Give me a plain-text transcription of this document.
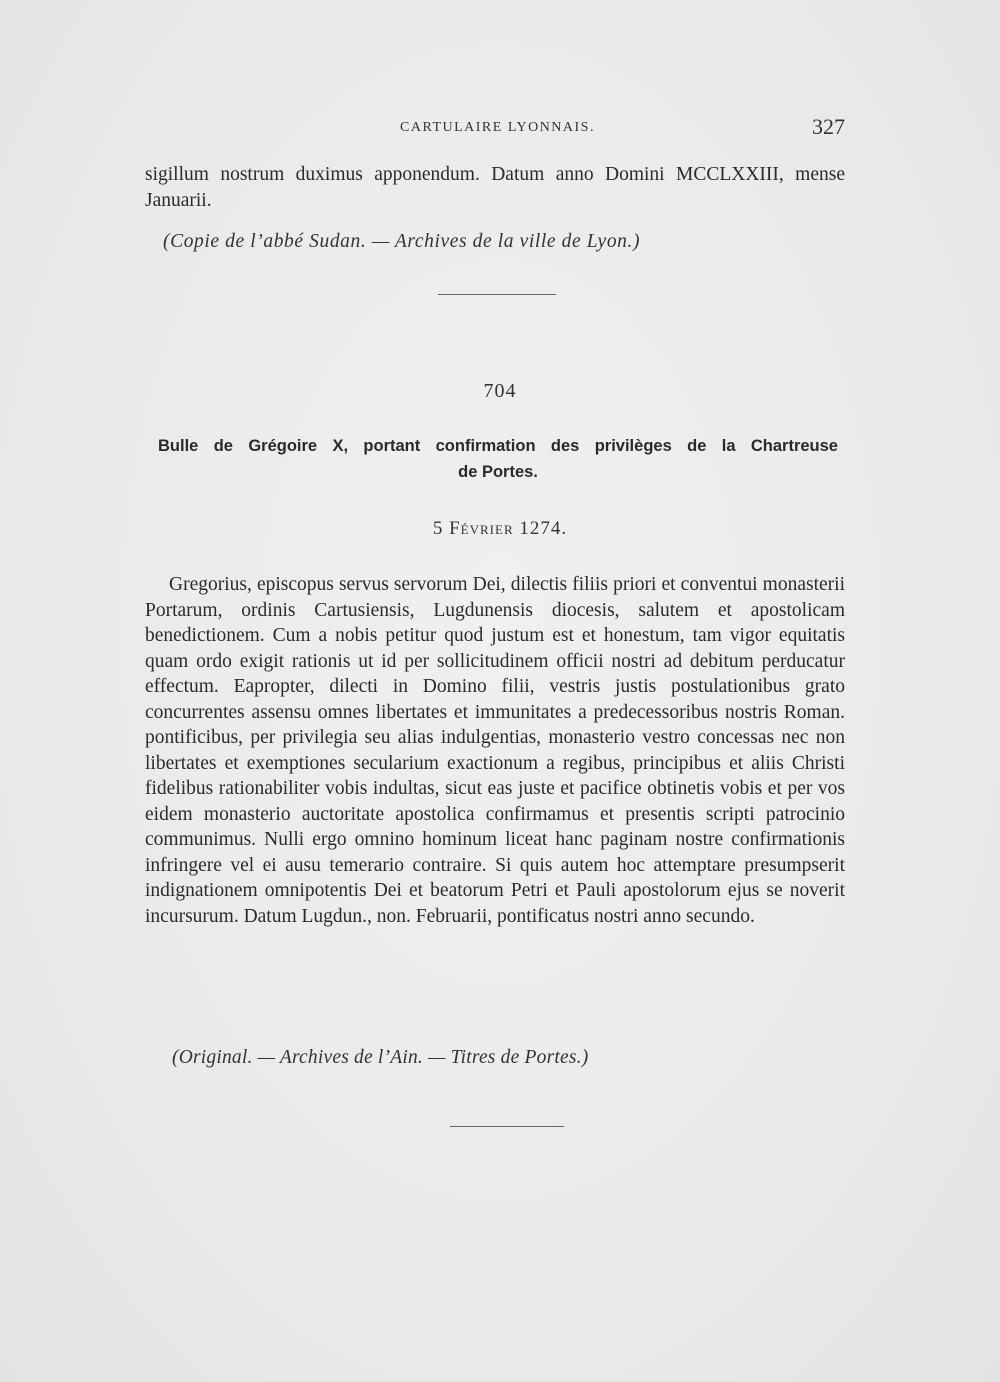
CARTULAIRE LYONNAIS.	327
sigillum nostrum duximus apponendum. Datum anno Domini MCCLXXIII, mense Januarii.
(Copie de l’abbé Sudan. — Archives de la ville de Lyon.)
704
Bulle de Grégoire X, portant confirmation des privilèges de la Chartreuse
de Portes.
5 Février 1274.
Gregorius, episcopus servus servorum Dei, dilectis filiis priori et conventui monasterii Portarum, ordinis Cartusiensis, Lugdunensis diocesis, salutem et apostolicam benedictionem. Cum a nobis petitur quod justum est et honestum, tam vigor equitatis quam ordo exigit rationis ut id per sollicitudinem officii nostri ad debitum perducatur effectum. Eapropter, dilecti in Domino filii, vestris justis postulationibus grato concurrentes assensu omnes libertates et immunitates a predecessoribus nostris Roman. pontificibus, per privilegia seu alias indulgentias, monasterio vestro concessas nec non libertates et exemptiones secularium exactionum a regibus, principibus et aliis Christi fidelibus rationabiliter vobis indultas, sicut eas juste et pacifice obtinetis vobis et per vos eidem monasterio auctoritate apostolica confirmamus et presentis scripti patrocinio communimus. Nulli ergo omnino hominum liceat hanc paginam nostre confirmationis infringere vel ei ausu temerario contraire. Si quis autem hoc attemptare presumpserit indignationem omnipotentis Dei et beatorum Petri et Pauli apostolorum ejus se noverit incursurum. Datum Lugdun., non. Februarii, pontificatus nostri anno secundo.
(Original. — Archives de l’Ain. — Titres de Portes.)
